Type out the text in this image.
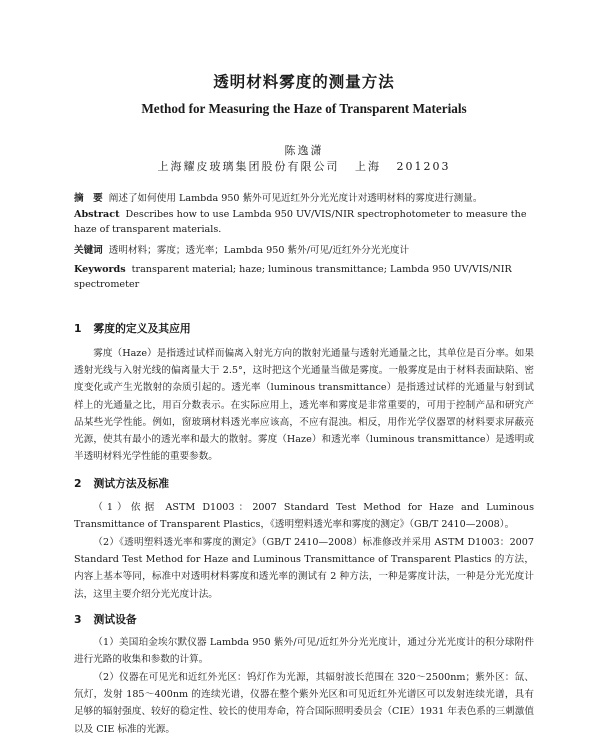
透明材料雾度的测量方法
Method for Measuring the Haze of Transparent Materials
陈逸潇
上海耀皮玻璃集团股份有限公司 上海 201203
摘　要 阐述了如何使用 Lambda 950 紫外可见近红外分光光度计对透明材料的雾度进行测量。
Abstract Describes how to use Lambda 950 UV/VIS/NIR spectrophotometer to measure the haze of transparent materials.
关键词 透明材料；雾度；透光率；Lambda 950 紫外/可见/近红外分光光度计
Keywords transparent material; haze; luminous transmittance; Lambda 950 UV/VIS/NIR spectrometer
1 雾度的定义及其应用

雾度（Haze）是指透过试样而偏离入射光方向的散射光通量与透射光通量之比，其单位是百分率。如果透射光线与入射光线的偏离量大于 2.5°，这时把这个光通量当做是雾度。一般雾度是由于材料表面缺陷、密度变化或产生光散射的杂质引起的。透光率（luminous transmittance）是指透过试样的光通量与射到试样上的光通量之比，用百分数表示。在实际应用上，透光率和雾度是非常重要的，可用于控制产品和研究产品某些光学性能。例如，窗玻璃材料透光率应该高，不应有混浊。相反，用作光学仪器罩的材料要求屏蔽亮光源，使其有最小的透光率和最大的散射。雾度（Haze）和透光率（luminous transmittance）是透明或半透明材料光学性能的重要参数。

2 测试方法及标准

（1）依据 ASTM D1003：2007 Standard Test Method for Haze and Luminous Transmittance of Transparent Plastics，《透明塑料透光率和雾度的测定》（GB/T 2410—2008）。

（2）《透明塑料透光率和雾度的测定》（GB/T 2410—2008）标准修改并采用 ASTM D1003：2007 Standard Test Method for Haze and Luminous Transmittance of Transparent Plastics 的方法，内容上基本等同，标准中对透明材料雾度和透光率的测试有 2 种方法，一种是雾度计法，一种是分光光度计法，这里主要介绍分光光度计法。

3 测试设备

（1）美国珀金埃尔默仪器 Lambda 950 紫外/可见/近红外分光光度计，通过分光光度计的积分球附件进行光路的收集和参数的计算。

（2）仪器在可见光和近红外光区：钨灯作为光源，其辐射波长范围在 320～2500nm；紫外区：氙、氘灯，发射 185～400nm 的连续光谱，仪器在整个紫外光区和可见近红外光谱区可以发射连续光谱，具有足够的辐射强度、较好的稳定性、较长的使用寿命，符合国际照明委员会（CIE）1931 年表色系的三刺激值以及 CIE 标准的光源。
